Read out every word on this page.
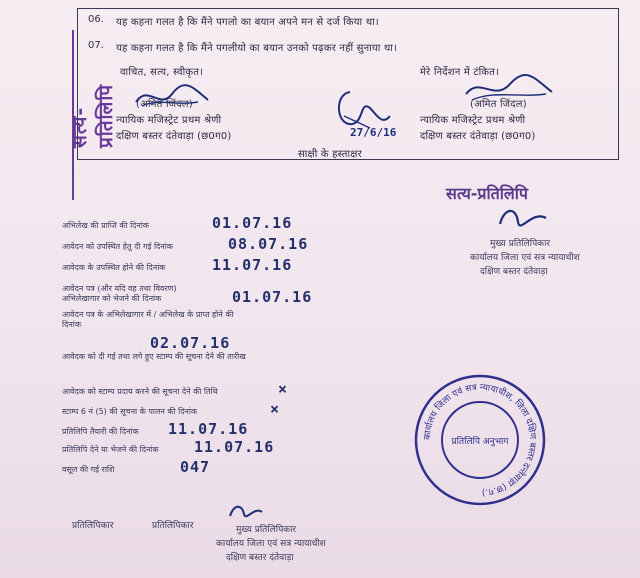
सत्य-प्रतिलिपि
06. यह कहना गलत है कि मैंने पगलो का बयान अपने मन से दर्ज किया था।
07. यह कहना गलत है कि मैंने पगलीयो का बयान उनको पढ़कर नहीं सुनाया था।
वाचित, सत्य, स्वीकृत।	मेरे निर्देशन में टंकित।
(अमित जिंदल)
न्यायिक मजिस्ट्रेट प्रथम श्रेणी
दक्षिण बस्तर दंतेवाड़ा (छ0ग0)
(अमित जिंदल)
न्यायिक मजिस्ट्रेट प्रथम श्रेणी
दक्षिण बस्तर दंतेवाड़ा (छ0ग0)
साक्षी के हस्ताक्षर
27/6/16
सत्य-प्रतिलिपि
मुख्य प्रतिलिपिकार
कार्यालय जिला एवं सत्र न्यायाधीश
दक्षिण बस्तर दंतेवाड़ा
अभिलेख की प्राप्ति की दिनांक	01.07.16
आवेदन को उपस्थित हेतु दी गई दिनांक	08.07.16
आवेदक के उपस्थित होने की दिनांक	11.07.16
आवेदन पत्र (और यदि वह तथा विवरण) अभिलेखागार को भेजने की दिनांक	01.07.16
आवेदन पत्र के अभिलेखागार में / अभिलेख के प्राप्त होने की दिनांक
02.07.16
आवेदक को दी गई तथा लगे हुए स्टाम्प की सूचना देने की तारीख
आवेदक को स्टाम्प प्रदाय करने की सूचना देने की तिथि	×
स्टाम्प 6 नं (5) की सूचना के पालन की दिनांक	×
प्रतिलिपि तैयारी की दिनांक 11.07.16
प्रतिलिपि देने या भेजने की दिनांक 11.07.16
वसूल की गई राशि	047
प्रतिलिपिकार	प्रतिलिपिकार	मुख्य प्रतिलिपिकार
कार्यालय जिला एवं सत्र न्यायाधीश
दक्षिण बस्तर दंतेवाड़ा
कार्यालय जिला एवं सत्र न्यायाधीश, जिला दक्षिण बस्तर दन्तेवाड़ा (छ.ग.)
प्रतिलिपि अनुभाग
